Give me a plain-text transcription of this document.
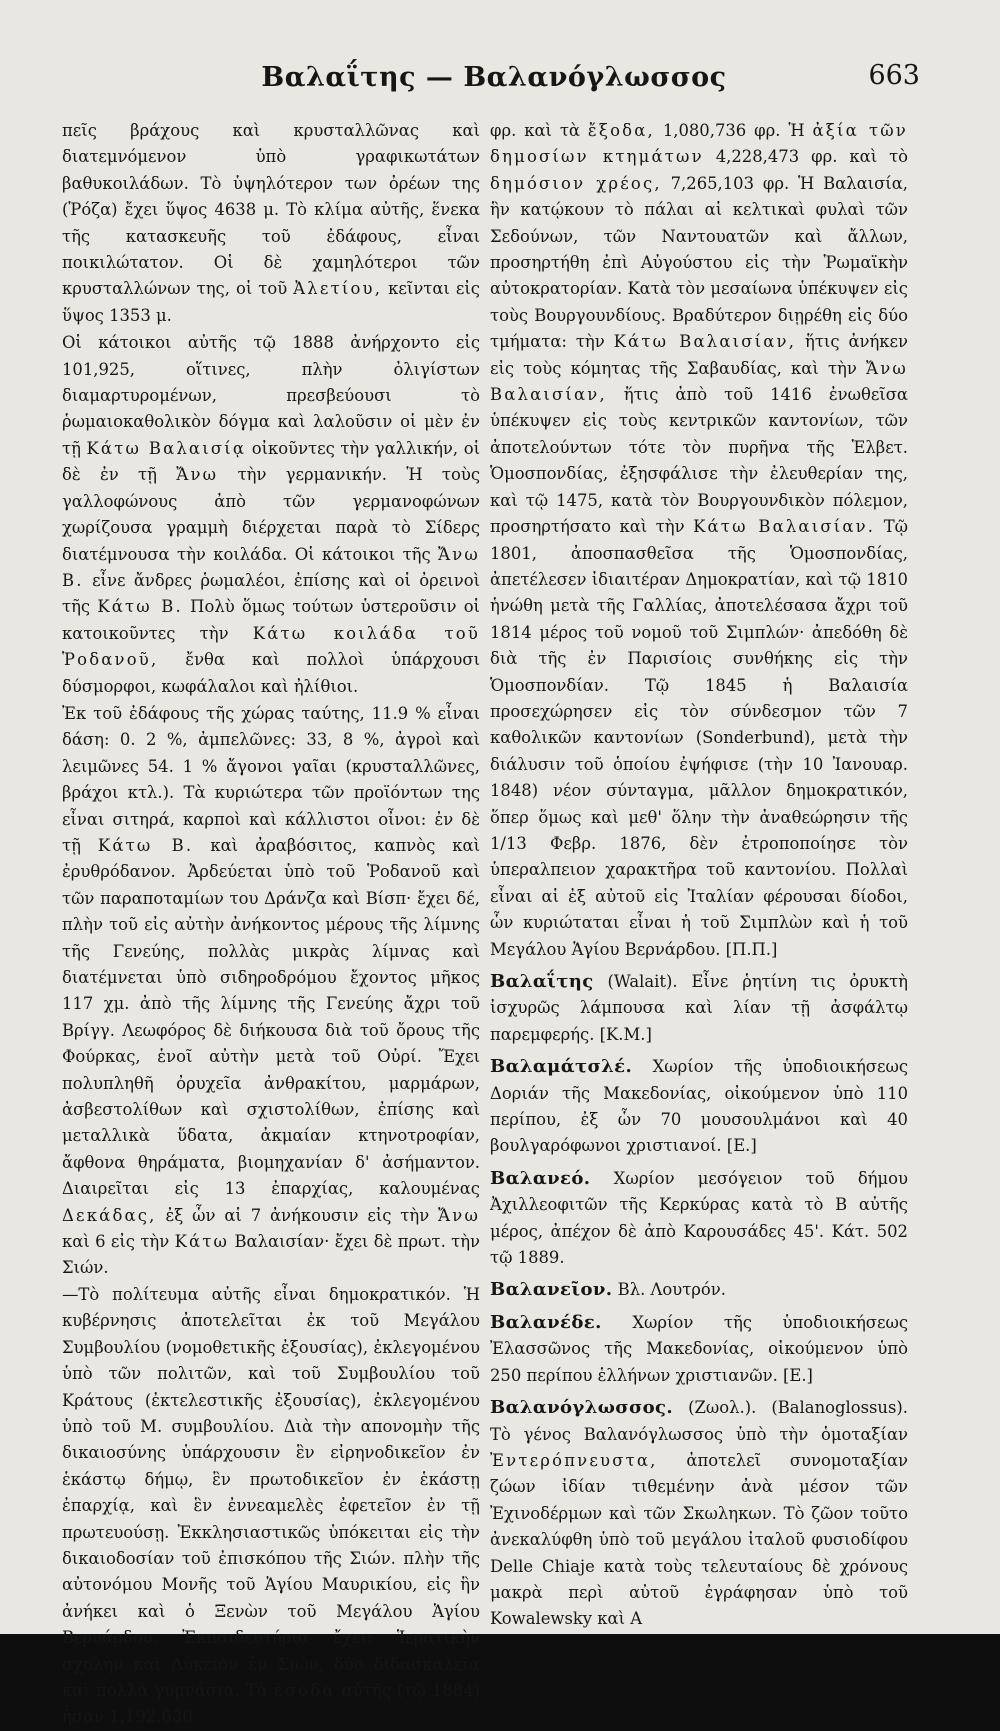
Βαλαΐτης — Βαλανόγλωσσος	663

πεῖς βράχους καὶ κρυσταλλῶνας καὶ διατεμνόμενον ὑπὸ γραφικωτάτων βαθυκοιλάδων. Τὸ ὑψηλότερον των ὀρέων της (Ῥόζα) ἔχει ὕψος 4638 μ. Τὸ κλίμα αὐτῆς, ἕνεκα τῆς κατασκευῆς τοῦ ἐδάφους, εἶναι ποικιλώτατον. Οἱ δὲ χαμηλότεροι τῶν κρυσταλλώνων της, οἱ τοῦ Ἀλετίου, κεῖνται εἰς ὕψος 1353 μ.

Οἱ κάτοικοι αὐτῆς τῷ 1888 ἀνήρχοντο εἰς 101,925, οἵτινες, πλὴν ὀλιγίστων διαμαρτυρομένων, πρεσβεύουσι τὸ ῥωμαιοκαθολικὸν δόγμα καὶ λαλοῦσιν οἱ μὲν ἐν τῇ Κάτω Βαλαισίᾳ οἰκοῦντες τὴν γαλλικήν, οἱ δὲ ἐν τῇ Ἄνω τὴν γερμανικήν. Ἡ τοὺς γαλλοφώνους ἀπὸ τῶν γερμανοφώνων χωρίζουσα γραμμὴ διέρχεται παρὰ τὸ Σίδερς διατέμνουσα τὴν κοιλάδα. Οἱ κάτοικοι τῆς Ἄνω Β. εἶνε ἄνδρες ῥωμαλέοι, ἐπίσης καὶ οἱ ὀρεινοὶ τῆς Κάτω Β. Πολὺ ὅμως τούτων ὑστεροῦσιν οἱ κατοικοῦντες τὴν Κάτω κοιλάδα τοῦ Ῥοδανοῦ, ἔνθα καὶ πολλοὶ ὑπάρχουσι δύσμορφοι, κωφάλαλοι καὶ ἠλίθιοι.

Ἐκ τοῦ ἐδάφους τῆς χώρας ταύτης, 11.9 % εἶναι δάση: 0. 2 %, ἀμπελῶνες: 33, 8 %, ἀγροὶ καὶ λειμῶνες 54. 1 % ἄγονοι γαῖαι (κρυσταλλῶνες, βράχοι κτλ.). Τὰ κυριώτερα τῶν προϊόντων της εἶναι σιτηρά, καρποὶ καὶ κάλλιστοι οἶνοι: ἐν δὲ τῇ Κάτω Β. καὶ ἀραβόσιτος, καπνὸς καὶ ἐρυθρόδανον. Ἀρδεύεται ὑπὸ τοῦ Ῥοδανοῦ καὶ τῶν παραποταμίων του Δράνζα καὶ Βίσπ· ἔχει δέ, πλὴν τοῦ εἰς αὐτὴν ἀνήκοντος μέρους τῆς λίμνης τῆς Γενεύης, πολλὰς μικρὰς λίμνας καὶ διατέμνεται ὑπὸ σιδηροδρόμου ἔχοντος μῆκος 117 χμ. ἀπὸ τῆς λίμνης τῆς Γενεύης ἄχρι τοῦ Βρίγγ. Λεωφόρος δὲ διήκουσα διὰ τοῦ ὄρους τῆς Φούρκας, ἑνοῖ αὐτὴν μετὰ τοῦ Οὐρί. Ἔχει πολυπληθῆ ὀρυχεῖα ἀνθρακίτου, μαρμάρων, ἀσβεστολίθων καὶ σχιστολίθων, ἐπίσης καὶ μεταλλικὰ ὕδατα, ἀκμαίαν κτηνοτροφίαν, ἄφθονα θηράματα, βιομηχανίαν δ' ἀσήμαντον. Διαιρεῖται εἰς 13 ἐπαρχίας, καλουμένας Δεκάδας, ἐξ ὧν αἱ 7 ἀνήκουσιν εἰς τὴν Ἄνω καὶ 6 εἰς τὴν Κάτω Βαλαισίαν· ἔχει δὲ πρωτ. τὴν Σιών.

—Τὸ πολίτευμα αὐτῆς εἶναι δημοκρατικόν. Ἡ κυβέρνησις ἀποτελεῖται ἐκ τοῦ Μεγάλου Συμβουλίου (νομοθετικῆς ἐξουσίας), ἐκλεγομένου ὑπὸ τῶν πολιτῶν, καὶ τοῦ Συμβουλίου τοῦ Κράτους (ἐκτελεστικῆς ἐξουσίας), ἐκλεγομένου ὑπὸ τοῦ Μ. συμβουλίου. Διὰ τὴν απονομὴν τῆς δικαιοσύνης ὑπάρχουσιν ἓν εἰρηνοδικεῖον ἐν ἑκάστῳ δήμῳ, ἓν πρωτοδικεῖον ἐν ἑκάστῃ ἐπαρχίᾳ, καὶ ἓν ἐννεαμελὲς ἐφετεῖον ἐν τῇ πρωτευούσῃ. Ἐκκλησιαστικῶς ὑπόκειται εἰς τὴν δικαιοδοσίαν τοῦ ἐπισκόπου τῆς Σιών. πλὴν τῆς αὐτονόμου Μονῆς τοῦ Ἁγίου Μαυρικίου, εἰς ἣν ἀνήκει καὶ ὁ Ξενὼν τοῦ Μεγάλου Ἁγίου Βερνάρδου. Ἐκπαιδευτήρια ἔχει: Ἱερατικὴν σχολὴν καὶ Λύκειον ἐν Σιών, δύο διδασκαλεῖα καὶ πολλὰ γυμνάσια. Τὰ ἔσοδα αὐτῆς (τῷ 1884) ἦσαν 1,192,630

φρ. καὶ τὰ ἔξοδα, 1,080,736 φρ. Ἡ ἀξία τῶν δημοσίων κτημάτων 4,228,473 φρ. καὶ τὸ δημόσιον χρέος, 7,265,103 φρ. Ἡ Βαλαισία, ἣν κατῴκουν τὸ πάλαι αἱ κελτικαὶ φυλαὶ τῶν Σεδούνων, τῶν Ναντουατῶν καὶ ἄλλων, προσηρτήθη ἐπὶ Αὐγούστου εἰς τὴν Ῥωμαϊκὴν αὐτοκρατορίαν. Κατὰ τὸν μεσαίωνα ὑπέκυψεν εἰς τοὺς Βουργουνδίους. Βραδύτερον διῃρέθη εἰς δύο τμήματα: τὴν Κάτω Βαλαισίαν, ἥτις ἀνήκεν εἰς τοὺς κόμητας τῆς Σαβαυδίας, καὶ τὴν Ἄνω Βαλαισίαν, ἥτις ἀπὸ τοῦ 1416 ἐνωθεῖσα ὑπέκυψεν εἰς τοὺς κεντρικῶν καντονίων, τῶν ἀποτελούντων τότε τὸν πυρῆνα τῆς Ἑλβετ. Ὁμοσπονδίας, ἐξησφάλισε τὴν ἐλευθερίαν της, καὶ τῷ 1475, κατὰ τὸν Βουργουνδικὸν πόλεμον, προσηρτήσατο καὶ τὴν Κάτω Βαλαισίαν. Τῷ 1801, ἀποσπασθεῖσα τῆς Ὁμοσπονδίας, ἀπετέλεσεν ἰδιαιτέραν Δημοκρατίαν, καὶ τῷ 1810 ἡνώθη μετὰ τῆς Γαλλίας, ἀποτελέσασα ἄχρι τοῦ 1814 μέρος τοῦ νομοῦ τοῦ Σιμπλών· ἀπεδόθη δὲ διὰ τῆς ἐν Παρισίοις συνθήκης εἰς τὴν Ὁμοσπονδίαν. Τῷ 1845 ἡ Βαλαισία προσεχώρησεν εἰς τὸν σύνδεσμον τῶν 7 καθολικῶν καντονίων (Sonderbund), μετὰ τὴν διάλυσιν τοῦ ὁποίου ἐψήφισε (τὴν 10 Ἰανουαρ. 1848) νέον σύνταγμα, μᾶλλον δημοκρατικόν, ὅπερ ὅμως καὶ μεθ' ὅλην τὴν ἀναθεώρησιν τῆς 1/13 Φεβρ. 1876, δὲν ἐτροποποίησε τὸν ὑπεραλπειον χαρακτῆρα τοῦ καντονίου. Πολλαὶ εἶναι αἱ ἐξ αὐτοῦ εἰς Ἰταλίαν φέρουσαι δίοδοι, ὧν κυριώταται εἶναι ἡ τοῦ Σιμπλὼν καὶ ἡ τοῦ Μεγάλου Ἁγίου Βερνάρδου. [Π.Π.]

Βαλαΐτης (Walait). Εἶνε ῥητίνη τις ὀρυκτὴ ἰσχυρῶς λάμπουσα καὶ λίαν τῇ ἀσφάλτῳ παρεμφερής. [Κ.Μ.]

Βαλαμάτσλέ. Χωρίον τῆς ὑποδιοικήσεως Δοριάν τῆς Μακεδονίας, οἰκούμενον ὑπὸ 110 περίπου, ἐξ ὧν 70 μουσουλμάνοι καὶ 40 βουλγαρόφωνοι χριστιανοί. [Ε.]

Βαλανεό. Χωρίον μεσόγειον τοῦ δήμου Ἀχιλλεοφιτῶν τῆς Κερκύρας κατὰ τὸ Β αὐτῆς μέρος, ἀπέχον δὲ ἀπὸ Καρουσάδες 45'. Κάτ. 502 τῷ 1889.

Βαλανεῖον. Βλ. Λουτρόν.

Βαλανέδε. Χωρίον τῆς ὑποδιοικήσεως Ἐλασσῶνος τῆς Μακεδονίας, οἰκούμενον ὑπὸ 250 περίπου ἑλλήνων χριστιανῶν. [Ε.]

Βαλανόγλωσσος. (Ζωολ.). (Balanoglossus). Τὸ γένος Βαλανόγλωσσος ὑπὸ τὴν ὁμοταξίαν Ἐντερόπνευστα, ἀποτελεῖ συνομοταξίαν ζώων ἰδίαν τιθεμένην ἀνὰ μέσον τῶν Ἐχινοδέρμων καὶ τῶν Σκωληκων. Τὸ ζῶον τοῦτο ἀνεκαλύφθη ὑπὸ τοῦ μεγάλου ἰταλοῦ φυσιοδίφου Delle Chiaje κατὰ τοὺς τελευταίους δὲ χρόνους μακρὰ περὶ αὐτοῦ ἐγράφησαν ὑπὸ τοῦ Kowalewsky καὶ A
